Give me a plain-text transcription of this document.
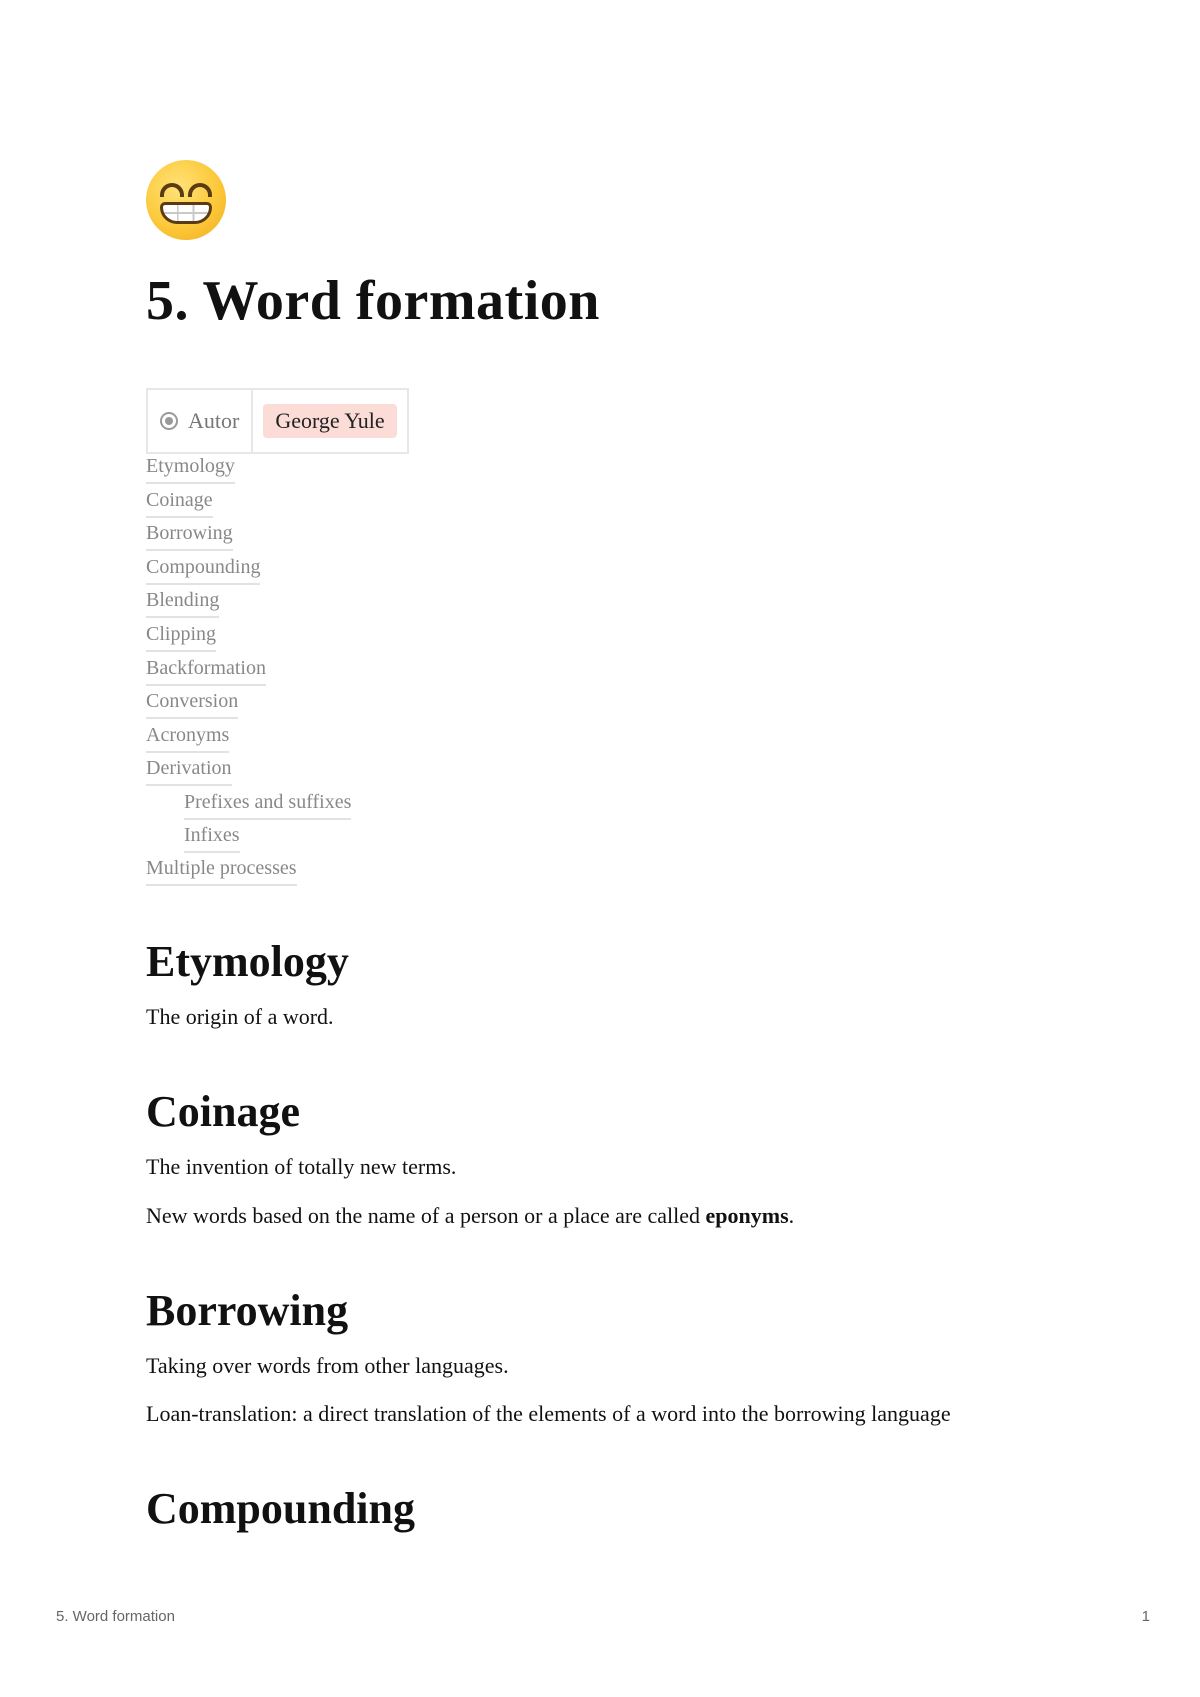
5. Word formation
Autor	George Yule
Etymology
Coinage
Borrowing
Compounding
Blending
Clipping
Backformation
Conversion
Acronyms
Derivation
Prefixes and suffixes
Infixes
Multiple processes
Etymology

The origin of a word.

Coinage

The invention of totally new terms.

New words based on the name of a person or a place are called eponyms.

Borrowing

Taking over words from other languages.

Loan-translation: a direct translation of the elements of a word into the borrowing language

Compounding
5. Word formation	1
